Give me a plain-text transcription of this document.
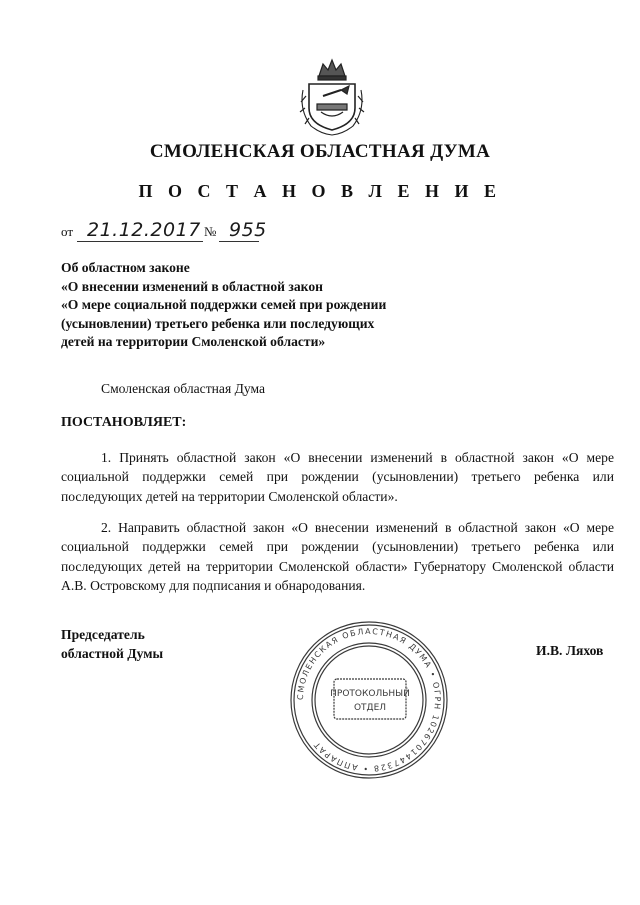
СМОЛЕНСКАЯ ОБЛАСТНАЯ ДУМА
П О С Т А Н О В Л Е Н И Е
от 21.12.2017 № 955
Об областном законе
«О внесении изменений в областной закон
«О мере социальной поддержки семей при рождении
(усыновлении) третьего ребенка или последующих
детей на территории Смоленской области»
Смоленская областная Дума
ПОСТАНОВЛЯЕТ:
1. Принять областной закон «О внесении изменений в областной закон «О мере социальной поддержки семей при рождении (усыновлении) третьего ребенка или последующих детей на территории Смоленской области».
2. Направить областной закон «О внесении изменений в областной закон «О мере социальной поддержки семей при рождении (усыновлении) третьего ребенка или последующих детей на территории Смоленской области» Губернатору Смоленской области А.В. Островскому для подписания и обнародования.
Председатель
областной Думы	И.В. Ляхов
СМОЛЕНСКАЯ ОБЛАСТНАЯ ДУМА • ОГРН 1026701447328 • АППАРАТ
ПРОТОКОЛЬНЫЙ
ОТДЕЛ
